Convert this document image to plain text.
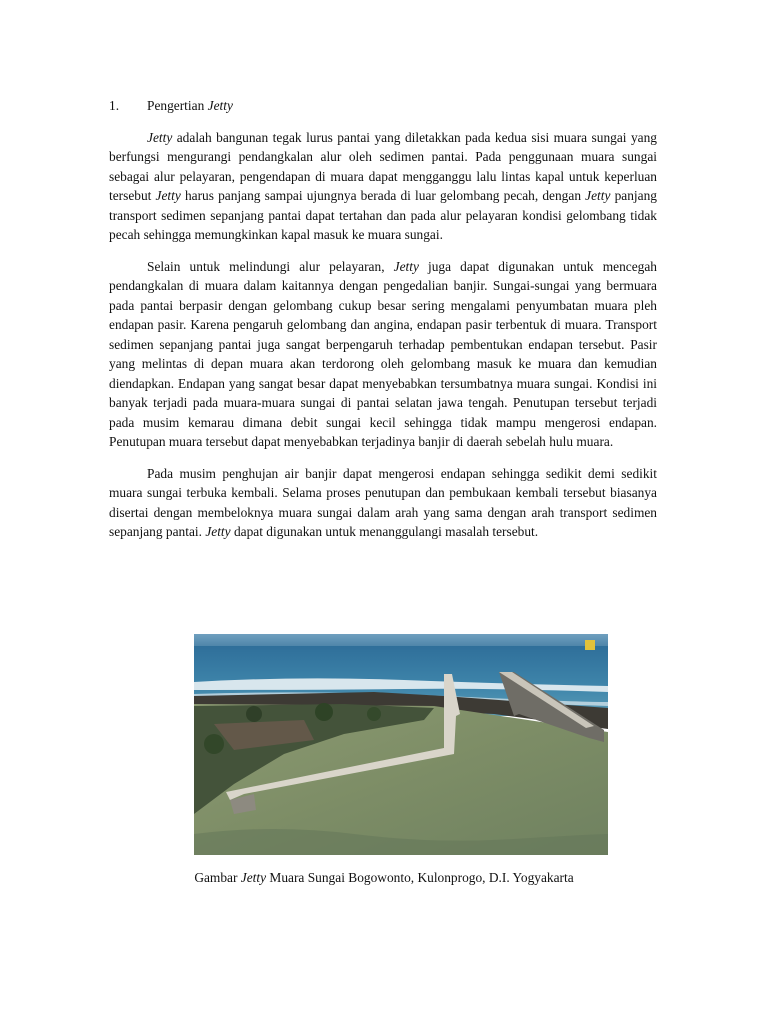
1. Pengertian Jetty

Jetty adalah bangunan tegak lurus pantai yang diletakkan pada kedua sisi muara sungai yang berfungsi mengurangi pendangkalan alur oleh sedimen pantai. Pada penggunaan muara sungai sebagai alur pelayaran, pengendapan di muara dapat mengganggu lalu lintas kapal untuk keperluan tersebut Jetty harus panjang sampai ujungnya berada di luar gelombang pecah, dengan Jetty panjang transport sedimen sepanjang pantai dapat tertahan dan pada alur pelayaran kondisi gelombang tidak pecah sehingga memungkinkan kapal masuk ke muara sungai.

Selain untuk melindungi alur pelayaran, Jetty juga dapat digunakan untuk mencegah pendangkalan di muara dalam kaitannya dengan pengedalian banjir. Sungai-sungai yang bermuara pada pantai berpasir dengan gelombang cukup besar sering mengalami penyumbatan muara pleh endapan pasir. Karena pengaruh gelombang dan angina, endapan pasir terbentuk di muara. Transport sedimen sepanjang pantai juga sangat berpengaruh terhadap pembentukan endapan tersebut. Pasir yang melintas di depan muara akan terdorong oleh gelombang masuk ke muara dan kemudian diendapkan. Endapan yang sangat besar dapat menyebabkan tersumbatnya muara sungai. Kondisi ini banyak terjadi pada muara-muara sungai di pantai selatan jawa tengah. Penutupan tersebut terjadi pada musim kemarau dimana debit sungai kecil sehingga tidak mampu mengerosi endapan. Penutupan muara tersebut dapat menyebabkan terjadinya banjir di daerah sebelah hulu muara.

Pada musim penghujan air banjir dapat mengerosi endapan sehingga sedikit demi sedikit muara sungai terbuka kembali. Selama proses penutupan dan pembukaan kembali tersebut biasanya disertai dengan membeloknya muara sungai dalam arah yang sama dengan arah transport sedimen sepanjang pantai. Jetty dapat digunakan untuk menanggulangi masalah tersebut.

Gambar Jetty Muara Sungai Bogowonto, Kulonprogo, D.I. Yogyakarta
